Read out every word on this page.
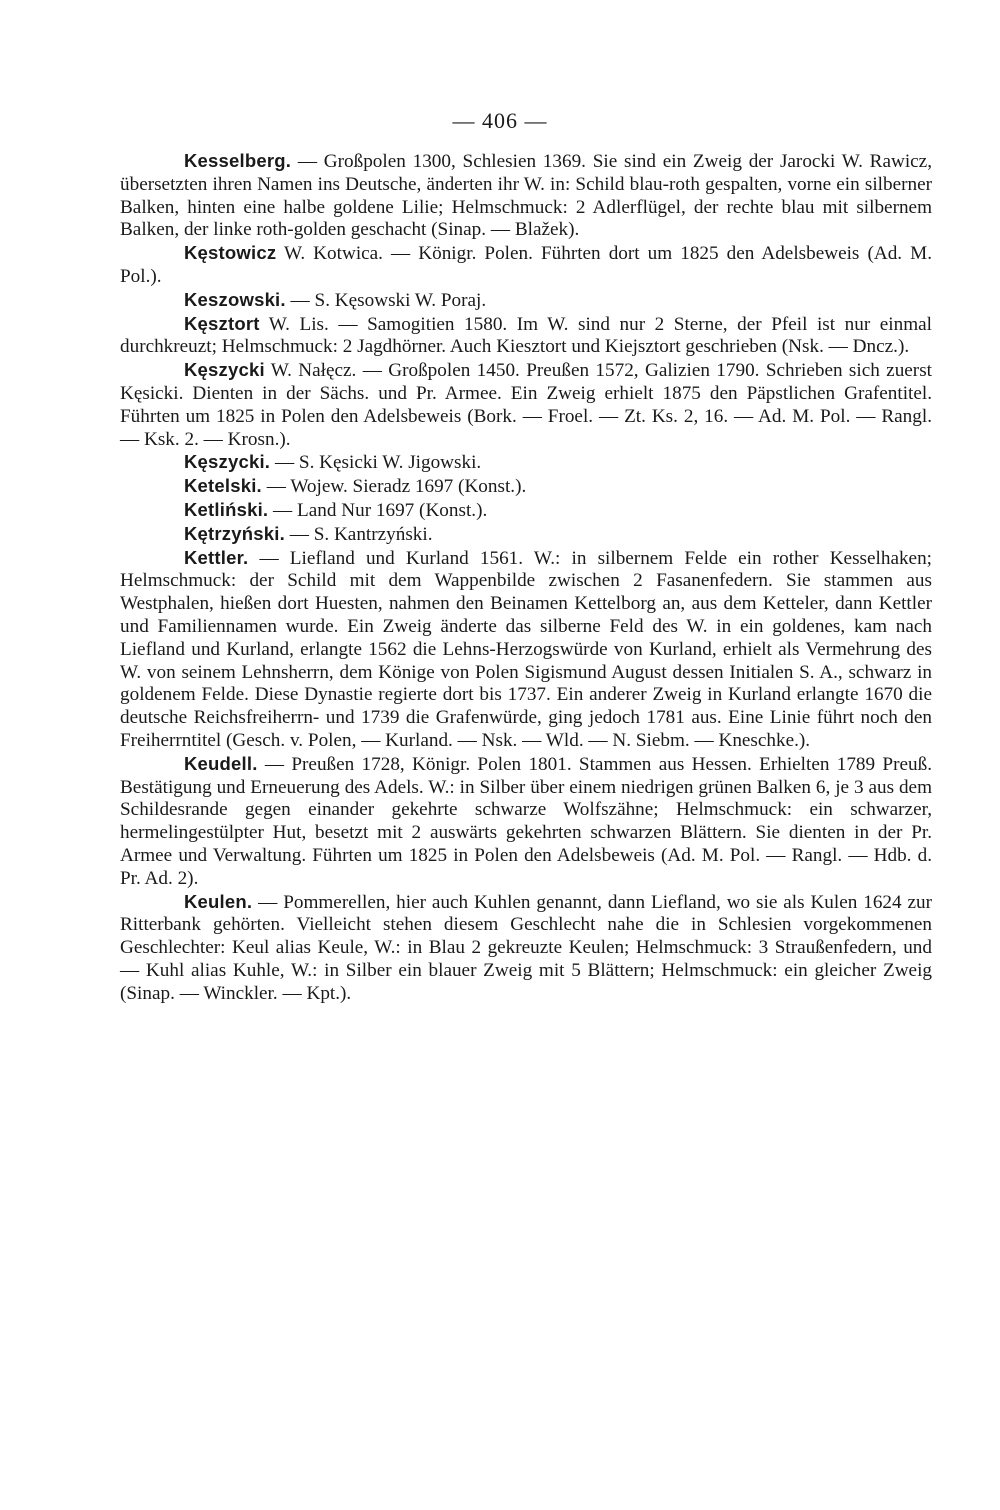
— 406 —

Kesselberg. — Großpolen 1300, Schlesien 1369. Sie sind ein Zweig der Jarocki W. Rawicz, übersetzten ihren Namen ins Deutsche, änderten ihr W. in: Schild blau-roth gespalten, vorne ein silberner Balken, hinten eine halbe goldene Lilie; Helmschmuck: 2 Adlerflügel, der rechte blau mit silbernem Balken, der linke roth-golden geschacht (Sinap. — Blažek).

Kęstowicz W. Kotwica. — Königr. Polen. Führten dort um 1825 den Adelsbeweis (Ad. M. Pol.).

Keszowski. — S. Kęsowski W. Poraj.

Kęsztort W. Lis. — Samogitien 1580. Im W. sind nur 2 Sterne, der Pfeil ist nur einmal durchkreuzt; Helmschmuck: 2 Jagdhörner. Auch Kiesztort und Kiejsztort geschrieben (Nsk. — Dncz.).

Kęszycki W. Nałęcz. — Großpolen 1450. Preußen 1572, Galizien 1790. Schrieben sich zuerst Kęsicki. Dienten in der Sächs. und Pr. Armee. Ein Zweig erhielt 1875 den Päpstlichen Grafentitel. Führten um 1825 in Polen den Adelsbeweis (Bork. — Froel. — Zt. Ks. 2, 16. — Ad. M. Pol. — Rangl. — Ksk. 2. — Krosn.).

Kęszycki. — S. Kęsicki W. Jigowski.

Ketelski. — Wojew. Sieradz 1697 (Konst.).

Ketliński. — Land Nur 1697 (Konst.).

Kętrzyński. — S. Kantrzyński.

Kettler. — Liefland und Kurland 1561. W.: in silbernem Felde ein rother Kesselhaken; Helmschmuck: der Schild mit dem Wappenbilde zwischen 2 Fasanenfedern. Sie stammen aus Westphalen, hießen dort Huesten, nahmen den Beinamen Kettelborg an, aus dem Ketteler, dann Kettler und Familiennamen wurde. Ein Zweig änderte das silberne Feld des W. in ein goldenes, kam nach Liefland und Kurland, erlangte 1562 die Lehns-Herzogswürde von Kurland, erhielt als Vermehrung des W. von seinem Lehnsherrn, dem Könige von Polen Sigismund August dessen Initialen S. A., schwarz in goldenem Felde. Diese Dynastie regierte dort bis 1737. Ein anderer Zweig in Kurland erlangte 1670 die deutsche Reichsfreiherrn- und 1739 die Grafenwürde, ging jedoch 1781 aus. Eine Linie führt noch den Freiherrntitel (Gesch. v. Polen, — Kurland. — Nsk. — Wld. — N. Siebm. — Kneschke.).

Keudell. — Preußen 1728, Königr. Polen 1801. Stammen aus Hessen. Erhielten 1789 Preuß. Bestätigung und Erneuerung des Adels. W.: in Silber über einem niedrigen grünen Balken 6, je 3 aus dem Schildesrande gegen einander gekehrte schwarze Wolfszähne; Helmschmuck: ein schwarzer, hermelingestülpter Hut, besetzt mit 2 auswärts gekehrten schwarzen Blättern. Sie dienten in der Pr. Armee und Verwaltung. Führten um 1825 in Polen den Adelsbeweis (Ad. M. Pol. — Rangl. — Hdb. d. Pr. Ad. 2).

Keulen. — Pommerellen, hier auch Kuhlen genannt, dann Liefland, wo sie als Kulen 1624 zur Ritterbank gehörten. Vielleicht stehen diesem Geschlecht nahe die in Schlesien vorgekommenen Geschlechter: Keul alias Keule, W.: in Blau 2 gekreuzte Keulen; Helmschmuck: 3 Straußenfedern, und — Kuhl alias Kuhle, W.: in Silber ein blauer Zweig mit 5 Blättern; Helmschmuck: ein gleicher Zweig (Sinap. — Winckler. — Kpt.).
